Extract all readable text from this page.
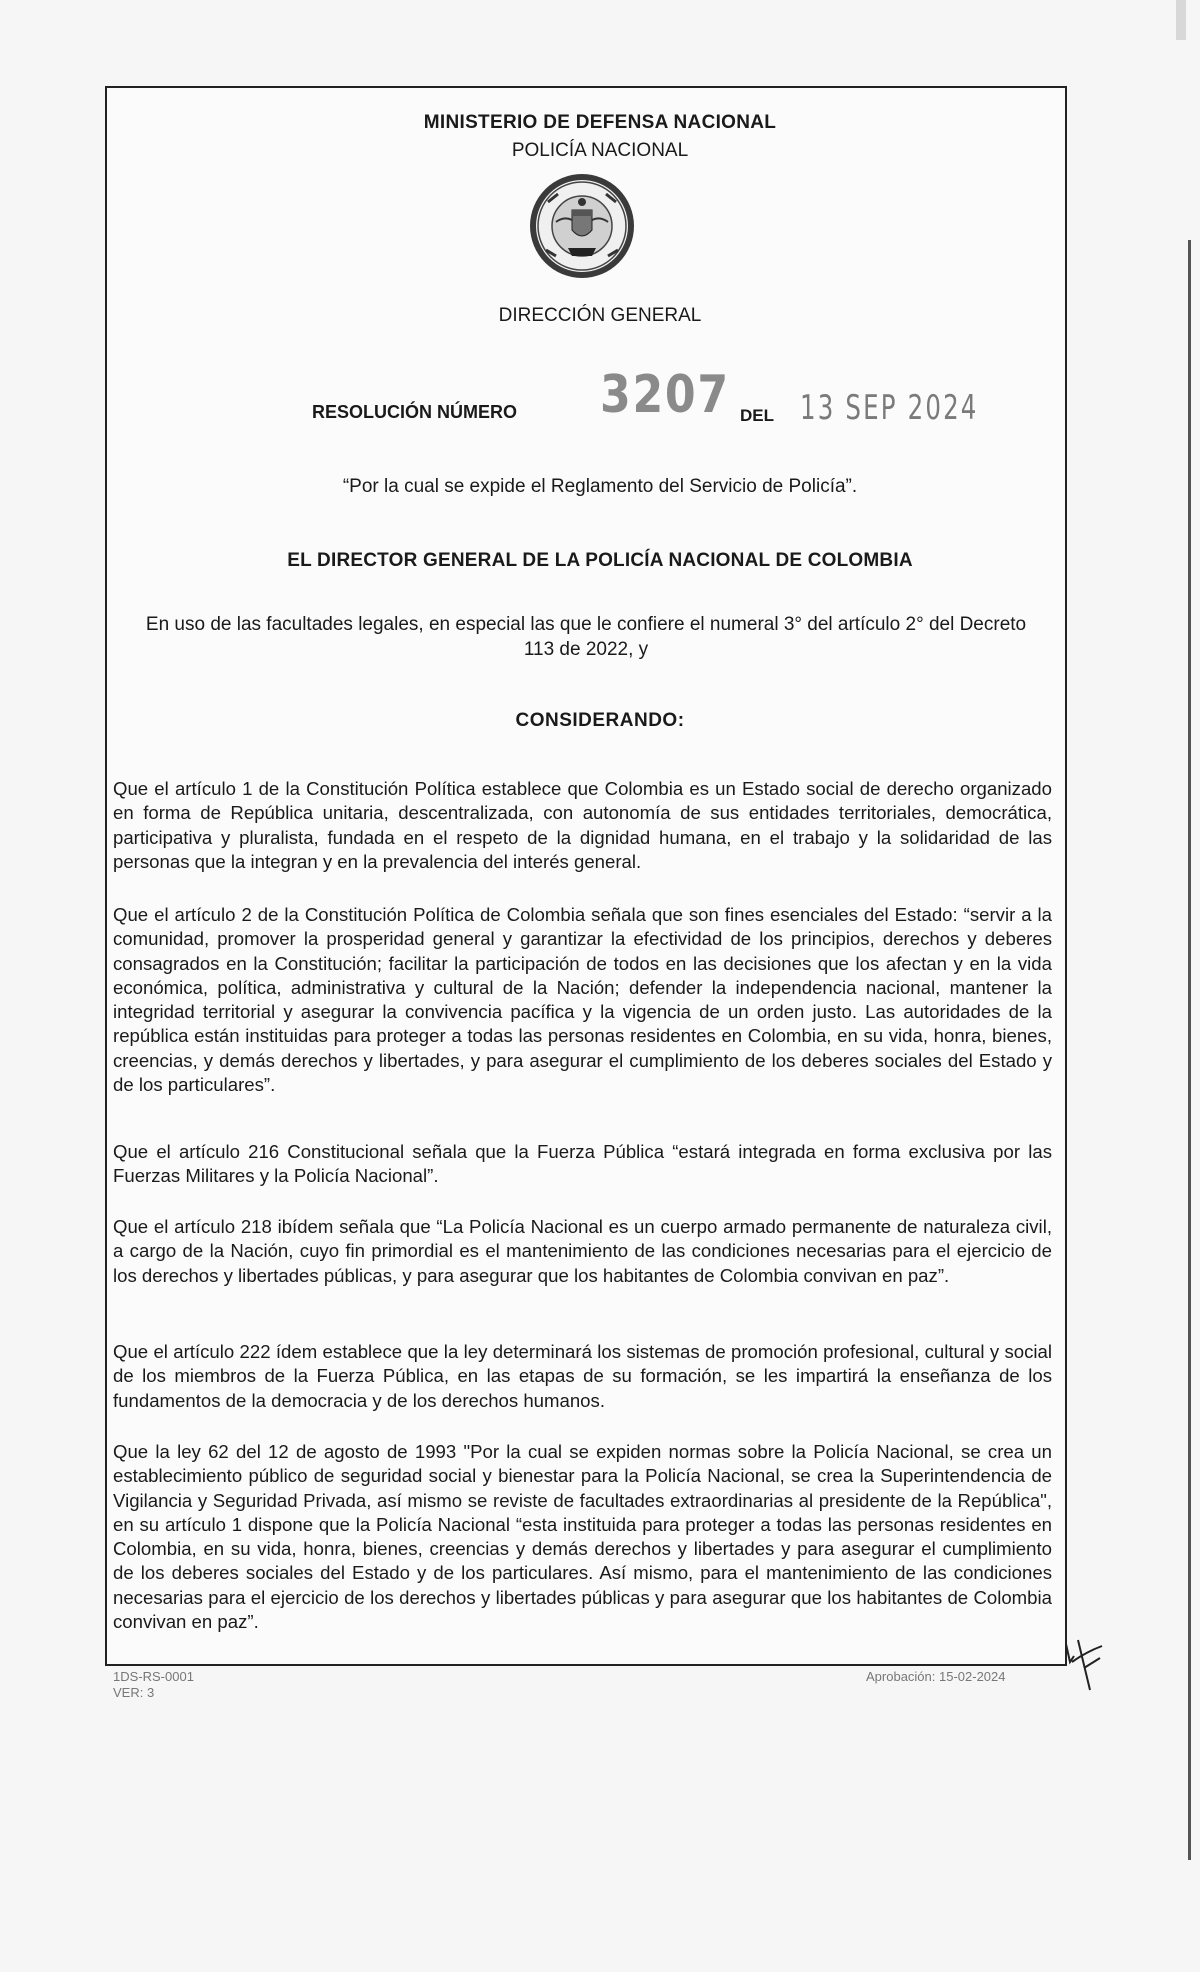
MINISTERIO DE DEFENSA NACIONAL
POLICÍA NACIONAL
DIRECCIÓN GENERAL
RESOLUCIÓN NÚMERO 3207 DEL 13 SEP 2024
“Por la cual se expide el Reglamento del Servicio de Policía”.
EL DIRECTOR GENERAL DE LA POLICÍA NACIONAL DE COLOMBIA
En uso de las facultades legales, en especial las que le confiere el numeral 3° del artículo 2° del Decreto 113 de 2022, y
CONSIDERANDO:

Que el artículo 1 de la Constitución Política establece que Colombia es un Estado social de derecho organizado en forma de República unitaria, descentralizada, con autonomía de sus entidades territoriales, democrática, participativa y pluralista, fundada en el respeto de la dignidad humana, en el trabajo y la solidaridad de las personas que la integran y en la prevalencia del interés general.

Que el artículo 2 de la Constitución Política de Colombia señala que son fines esenciales del Estado: “servir a la comunidad, promover la prosperidad general y garantizar la efectividad de los principios, derechos y deberes consagrados en la Constitución; facilitar la participación de todos en las decisiones que los afectan y en la vida económica, política, administrativa y cultural de la Nación; defender la independencia nacional, mantener la integridad territorial y asegurar la convivencia pacífica y la vigencia de un orden justo. Las autoridades de la república están instituidas para proteger a todas las personas residentes en Colombia, en su vida, honra, bienes, creencias, y demás derechos y libertades, y para asegurar el cumplimiento de los deberes sociales del Estado y de los particulares”.

Que el artículo 216 Constitucional señala que la Fuerza Pública “estará integrada en forma exclusiva por las Fuerzas Militares y la Policía Nacional”.

Que el artículo 218 ibídem señala que “La Policía Nacional es un cuerpo armado permanente de naturaleza civil, a cargo de la Nación, cuyo fin primordial es el mantenimiento de las condiciones necesarias para el ejercicio de los derechos y libertades públicas, y para asegurar que los habitantes de Colombia convivan en paz”.

Que el artículo 222 ídem establece que la ley determinará los sistemas de promoción profesional, cultural y social de los miembros de la Fuerza Pública, en las etapas de su formación, se les impartirá la enseñanza de los fundamentos de la democracia y de los derechos humanos.

Que la ley 62 del 12 de agosto de 1993 "Por la cual se expiden normas sobre la Policía Nacional, se crea un establecimiento público de seguridad social y bienestar para la Policía Nacional, se crea la Superintendencia de Vigilancia y Seguridad Privada, así mismo se reviste de facultades extraordinarias al presidente de la República", en su artículo 1 dispone que la Policía Nacional “esta instituida para proteger a todas las personas residentes en Colombia, en su vida, honra, bienes, creencias y demás derechos y libertades y para asegurar el cumplimiento de los deberes sociales del Estado y de los particulares. Así mismo, para el mantenimiento de las condiciones necesarias para el ejercicio de los derechos y libertades públicas y para asegurar que los habitantes de Colombia convivan en paz”.

1DS-RS-0001
VER: 3
Aprobación: 15-02-2024
